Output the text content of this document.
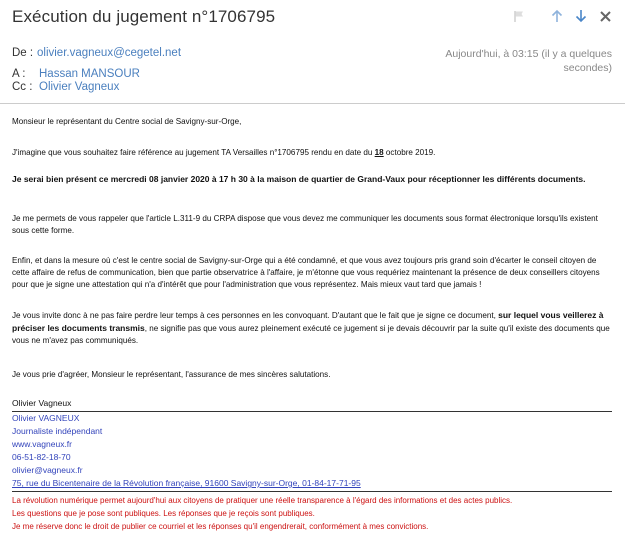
Exécution du jugement n°1706795
De : olivier.vagneux@cegetel.net
A : Hassan MANSOUR
Cc : Olivier Vagneux
Aujourd'hui, à 03:15 (il y a quelques
secondes)

Monsieur le représentant du Centre social de Savigny-sur-Orge,

J'imagine que vous souhaitez faire référence au jugement TA Versailles n°1706795 rendu en date du 18 octobre 2019.

Je serai bien présent ce mercredi 08 janvier 2020 à 17 h 30 à la maison de quartier de Grand-Vaux pour réceptionner les différents documents.

Je me permets de vous rappeler que l'article L.311-9 du CRPA dispose que vous devez me communiquer les documents sous format électronique lorsqu'ils existent sous cette forme.

Enfin, et dans la mesure où c'est le centre social de Savigny-sur-Orge qui a été condamné, et que vous avez toujours pris grand soin d'écarter le conseil citoyen de cette affaire de refus de communication, bien que partie observatrice à l'affaire, je m'étonne que vous requériez maintenant la présence de deux conseillers citoyens pour que je signe une attestation qui n'a d'intérêt que pour l'administration que vous représentez. Mais mieux vaut tard que jamais !

Je vous invite donc à ne pas faire perdre leur temps à ces personnes en les convoquant. D'autant que le fait que je signe ce document, sur lequel vous veillerez à préciser les documents transmis, ne signifie pas que vous aurez pleinement exécuté ce jugement si je devais découvrir par la suite qu'il existe des documents que vous ne m'avez pas communiqués.

Je vous prie d'agréer, Monsieur le représentant, l'assurance de mes sincères salutations.

Olivier Vagneux
Olivier VAGNEUX
Journaliste indépendant
www.vagneux.fr
06-51-82-18-70
olivier@vagneux.fr
75, rue du Bicentenaire de la Révolution française, 91600 Savigny-sur-Orge, 01-84-17-71-95
La révolution numérique permet aujourd'hui aux citoyens de pratiquer une réelle transparence à l'égard des informations et des actes publics.
Les questions que je pose sont publiques. Les réponses que je reçois sont publiques.
Je me réserve donc le droit de publier ce courriel et les réponses qu'il engendrerait, conformément à mes convictions.
